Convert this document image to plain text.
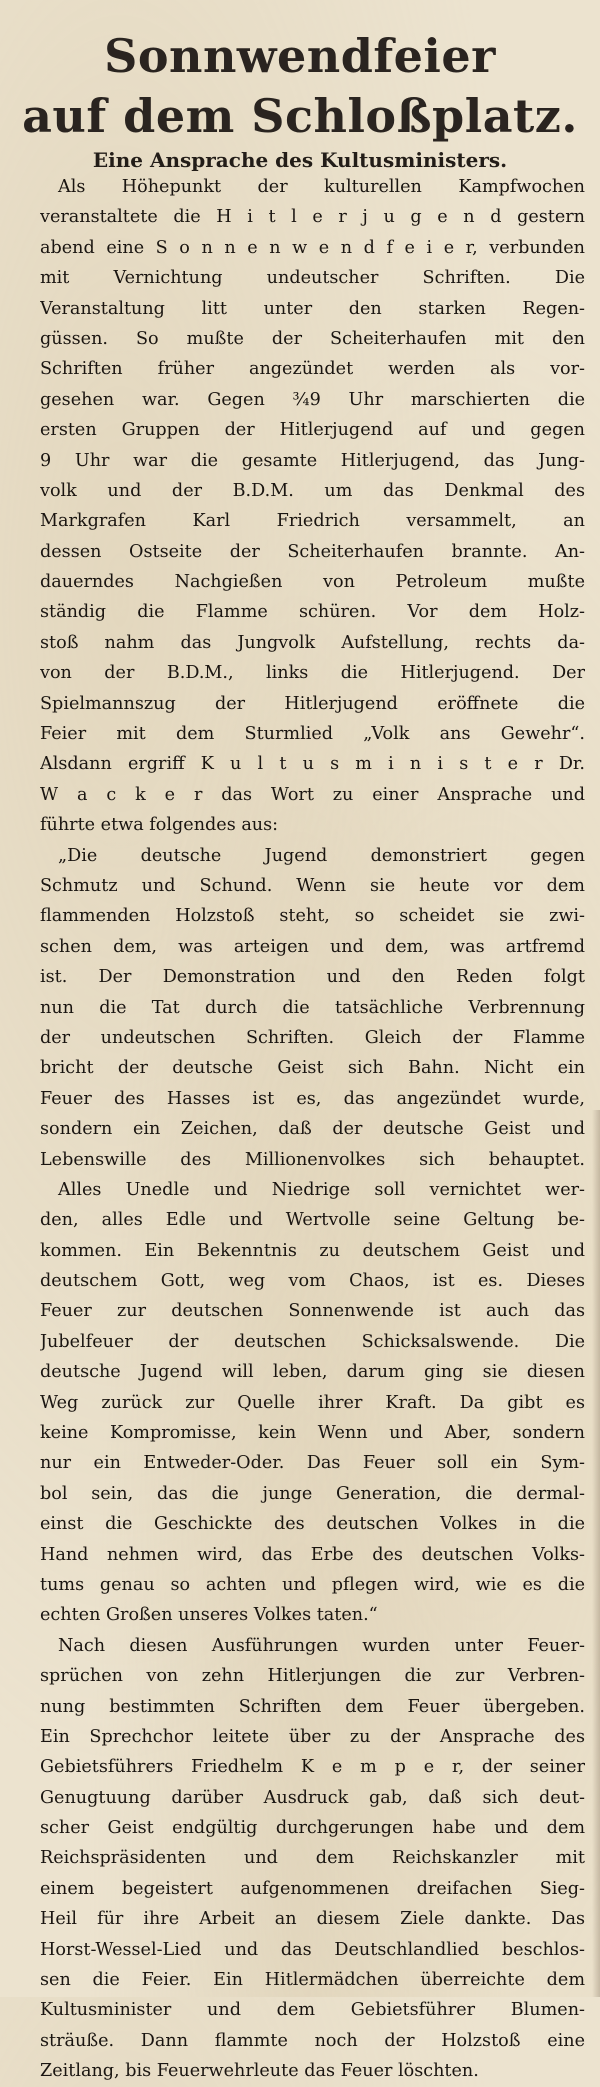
Sonnwendfeier
auf dem Schloßplatz.
Eine Ansprache des Kultusministers.
Als Höhepunkt der kulturellen Kampfwochen
veranstaltete die H i t l e r j u g e n d gestern
abend eine S o n n e n w e n d f e i e r, verbunden
mit Vernichtung undeutscher Schriften. Die
Veranstaltung litt unter den starken Regen-
güssen. So mußte der Scheiterhaufen mit den
Schriften früher angezündet werden als vor-
gesehen war. Gegen ¾9 Uhr marschierten die
ersten Gruppen der Hitlerjugend auf und gegen
9 Uhr war die gesamte Hitlerjugend, das Jung-
volk und der B.D.M. um das Denkmal des
Markgrafen Karl Friedrich versammelt, an
dessen Ostseite der Scheiterhaufen brannte. An-
dauerndes Nachgießen von Petroleum mußte
ständig die Flamme schüren. Vor dem Holz-
stoß nahm das Jungvolk Aufstellung, rechts da-
von der B.D.M., links die Hitlerjugend. Der
Spielmannszug der Hitlerjugend eröffnete die
Feier mit dem Sturmlied „Volk ans Gewehr“.
Alsdann ergriff K u l t u s m i n i s t e r Dr.
W a c k e r das Wort zu einer Ansprache und
führte etwa folgendes aus:
„Die deutsche Jugend demonstriert gegen
Schmutz und Schund. Wenn sie heute vor dem
flammenden Holzstoß steht, so scheidet sie zwi-
schen dem, was arteigen und dem, was artfremd
ist. Der Demonstration und den Reden folgt
nun die Tat durch die tatsächliche Verbrennung
der undeutschen Schriften. Gleich der Flamme
bricht der deutsche Geist sich Bahn. Nicht ein
Feuer des Hasses ist es, das angezündet wurde,
sondern ein Zeichen, daß der deutsche Geist und
Lebenswille des Millionenvolkes sich behauptet.
Alles Unedle und Niedrige soll vernichtet wer-
den, alles Edle und Wertvolle seine Geltung be-
kommen. Ein Bekenntnis zu deutschem Geist und
deutschem Gott, weg vom Chaos, ist es. Dieses
Feuer zur deutschen Sonnenwende ist auch das
Jubelfeuer der deutschen Schicksalswende. Die
deutsche Jugend will leben, darum ging sie diesen
Weg zurück zur Quelle ihrer Kraft. Da gibt es
keine Kompromisse, kein Wenn und Aber, sondern
nur ein Entweder-Oder. Das Feuer soll ein Sym-
bol sein, das die junge Generation, die dermal-
einst die Geschickte des deutschen Volkes in die
Hand nehmen wird, das Erbe des deutschen Volks-
tums genau so achten und pflegen wird, wie es die
echten Großen unseres Volkes taten.“
Nach diesen Ausführungen wurden unter Feuer-
sprüchen von zehn Hitlerjungen die zur Verbren-
nung bestimmten Schriften dem Feuer übergeben.
Ein Sprechchor leitete über zu der Ansprache des
Gebietsführers Friedhelm K e m p e r, der seiner
Genugtuung darüber Ausdruck gab, daß sich deut-
scher Geist endgültig durchgerungen habe und dem
Reichspräsidenten und dem Reichskanzler mit
einem begeistert aufgenommenen dreifachen Sieg-
Heil für ihre Arbeit an diesem Ziele dankte. Das
Horst-Wessel-Lied und das Deutschlandlied beschlos-
sen die Feier. Ein Hitlermädchen überreichte dem
Kultusminister und dem Gebietsführer Blumen-
sträuße. Dann flammte noch der Holzstoß eine
Zeitlang, bis Feuerwehrleute das Feuer löschten.
